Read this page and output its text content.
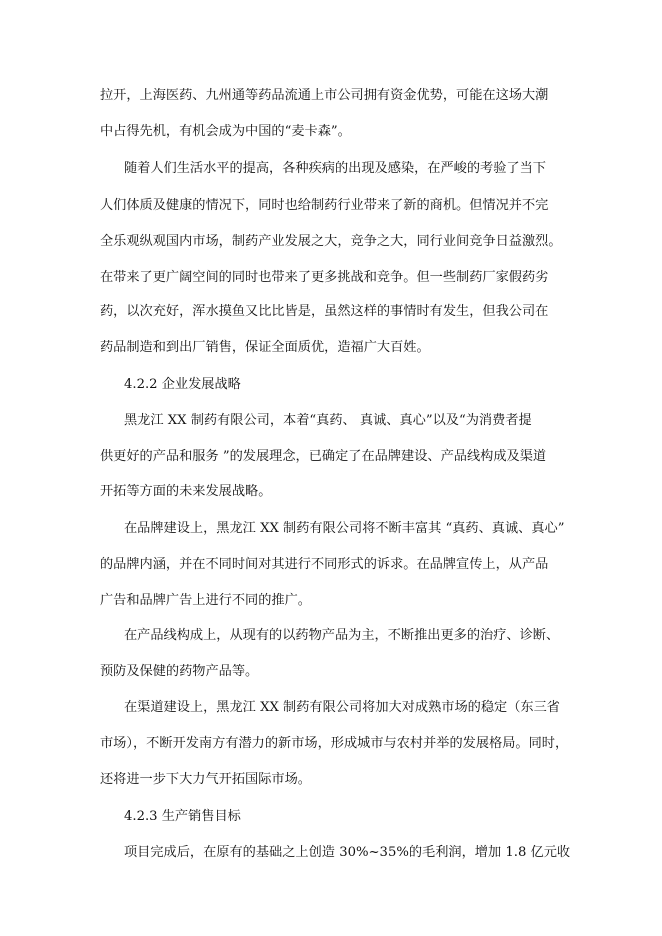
拉开，上海医药、九州通等药品流通上市公司拥有资金优势，可能在这场大潮
中占得先机，有机会成为中国的“麦卡森”。
随着人们生活水平的提高，各种疾病的出现及感染，在严峻的考验了当下
人们体质及健康的情况下，同时也给制药行业带来了新的商机。但情况并不完
全乐观纵观国内市场，制药产业发展之大，竞争之大，同行业间竞争日益激烈。
在带来了更广阔空间的同时也带来了更多挑战和竞争。但一些制药厂家假药劣
药，以次充好，浑水摸鱼又比比皆是，虽然这样的事情时有发生，但我公司在
药品制造和到出厂销售，保证全面质优，造福广大百姓。
4.2.2 企业发展战略
黑龙江 XX 制药有限公司，本着“真药、 真诚、真心”以及“为消费者提
供更好的产品和服务 ”的发展理念，已确定了在品牌建设、产品线构成及渠道
开拓等方面的未来发展战略。
在品牌建设上，黑龙江 XX 制药有限公司将不断丰富其 “真药、真诚、真心”
的品牌内涵，并在不同时间对其进行不同形式的诉求。在品牌宣传上，从产品
广告和品牌广告上进行不同的推广。
在产品线构成上，从现有的以药物产品为主，不断推出更多的治疗、诊断、
预防及保健的药物产品等。
在渠道建设上，黑龙江 XX 制药有限公司将加大对成熟市场的稳定（东三省
市场），不断开发南方有潜力的新市场，形成城市与农村并举的发展格局。同时，
还将进一步下大力气开拓国际市场。
4.2.3 生产销售目标
项目完成后，在原有的基础之上创造 30%~35%的毛利润，增加 1.8 亿元收
